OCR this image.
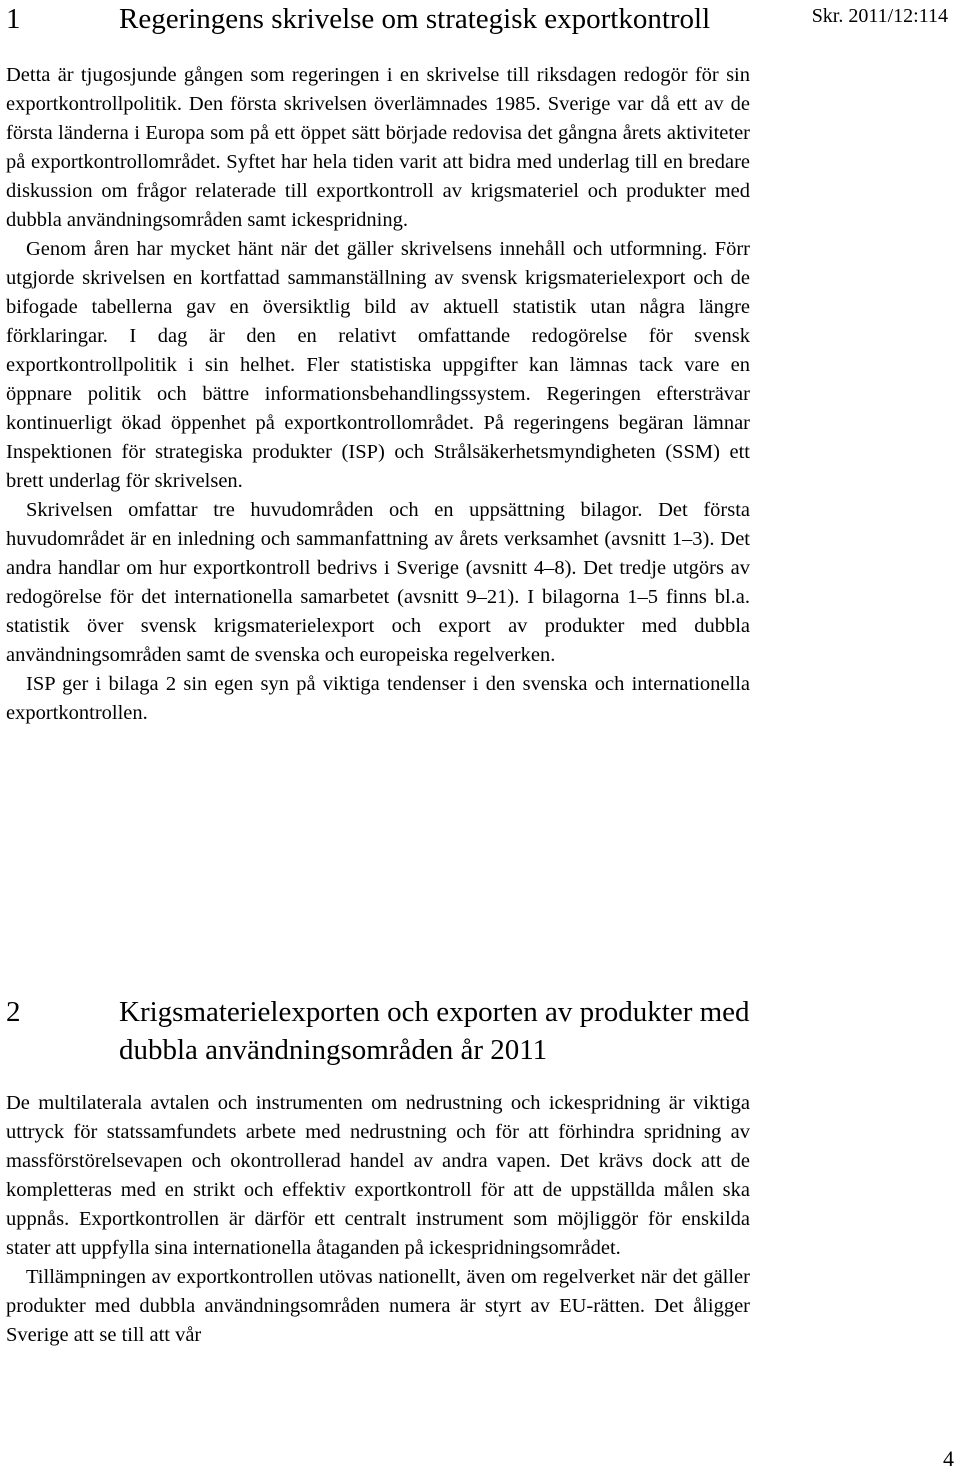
Skr. 2011/12:114
1	Regeringens skrivelse om strategisk exportkontroll

Detta är tjugosjunde gången som regeringen i en skrivelse till riksdagen redogör för sin exportkontrollpolitik. Den första skrivelsen överlämnades 1985. Sverige var då ett av de första länderna i Europa som på ett öppet sätt började redovisa det gångna årets aktiviteter på exportkontrollområdet. Syftet har hela tiden varit att bidra med underlag till en bredare diskussion om frågor relaterade till exportkontroll av krigsmateriel och produkter med dubbla användningsområden samt ickespridning.

Genom åren har mycket hänt när det gäller skrivelsens innehåll och utformning. Förr utgjorde skrivelsen en kortfattad sammanställning av svensk krigsmaterielexport och de bifogade tabellerna gav en översiktlig bild av aktuell statistik utan några längre förklaringar. I dag är den en relativt omfattande redogörelse för svensk exportkontrollpolitik i sin helhet. Fler statistiska uppgifter kan lämnas tack vare en öppnare politik och bättre informationsbehandlingssystem. Regeringen eftersträvar kontinuerligt ökad öppenhet på exportkontrollområdet. På regeringens begäran lämnar Inspektionen för strategiska produkter (ISP) och Strålsäkerhetsmyndigheten (SSM) ett brett underlag för skrivelsen.

Skrivelsen omfattar tre huvudområden och en uppsättning bilagor. Det första huvudområdet är en inledning och sammanfattning av årets verksamhet (avsnitt 1–3). Det andra handlar om hur exportkontroll bedrivs i Sverige (avsnitt 4–8). Det tredje utgörs av redogörelse för det internationella samarbetet (avsnitt 9–21). I bilagorna 1–5 finns bl.a. statistik över svensk krigsmaterielexport och export av produkter med dubbla användningsområden samt de svenska och europeiska regelverken.

ISP ger i bilaga 2 sin egen syn på viktiga tendenser i den svenska och internationella exportkontrollen.

2	Krigsmaterielexporten och exporten av produkter med dubbla användningsområden år 2011

De multilaterala avtalen och instrumenten om nedrustning och ickespridning är viktiga uttryck för statssamfundets arbete med nedrustning och för att förhindra spridning av massförstörelsevapen och okontrollerad handel av andra vapen. Det krävs dock att de kompletteras med en strikt och effektiv exportkontroll för att de uppställda målen ska uppnås. Exportkontrollen är därför ett centralt instrument som möjliggör för enskilda stater att uppfylla sina internationella åtaganden på ickespridningsområdet.

Tillämpningen av exportkontrollen utövas nationellt, även om regelverket när det gäller produkter med dubbla användningsområden numera är styrt av EU-rätten. Det åligger Sverige att se till att vår

4
